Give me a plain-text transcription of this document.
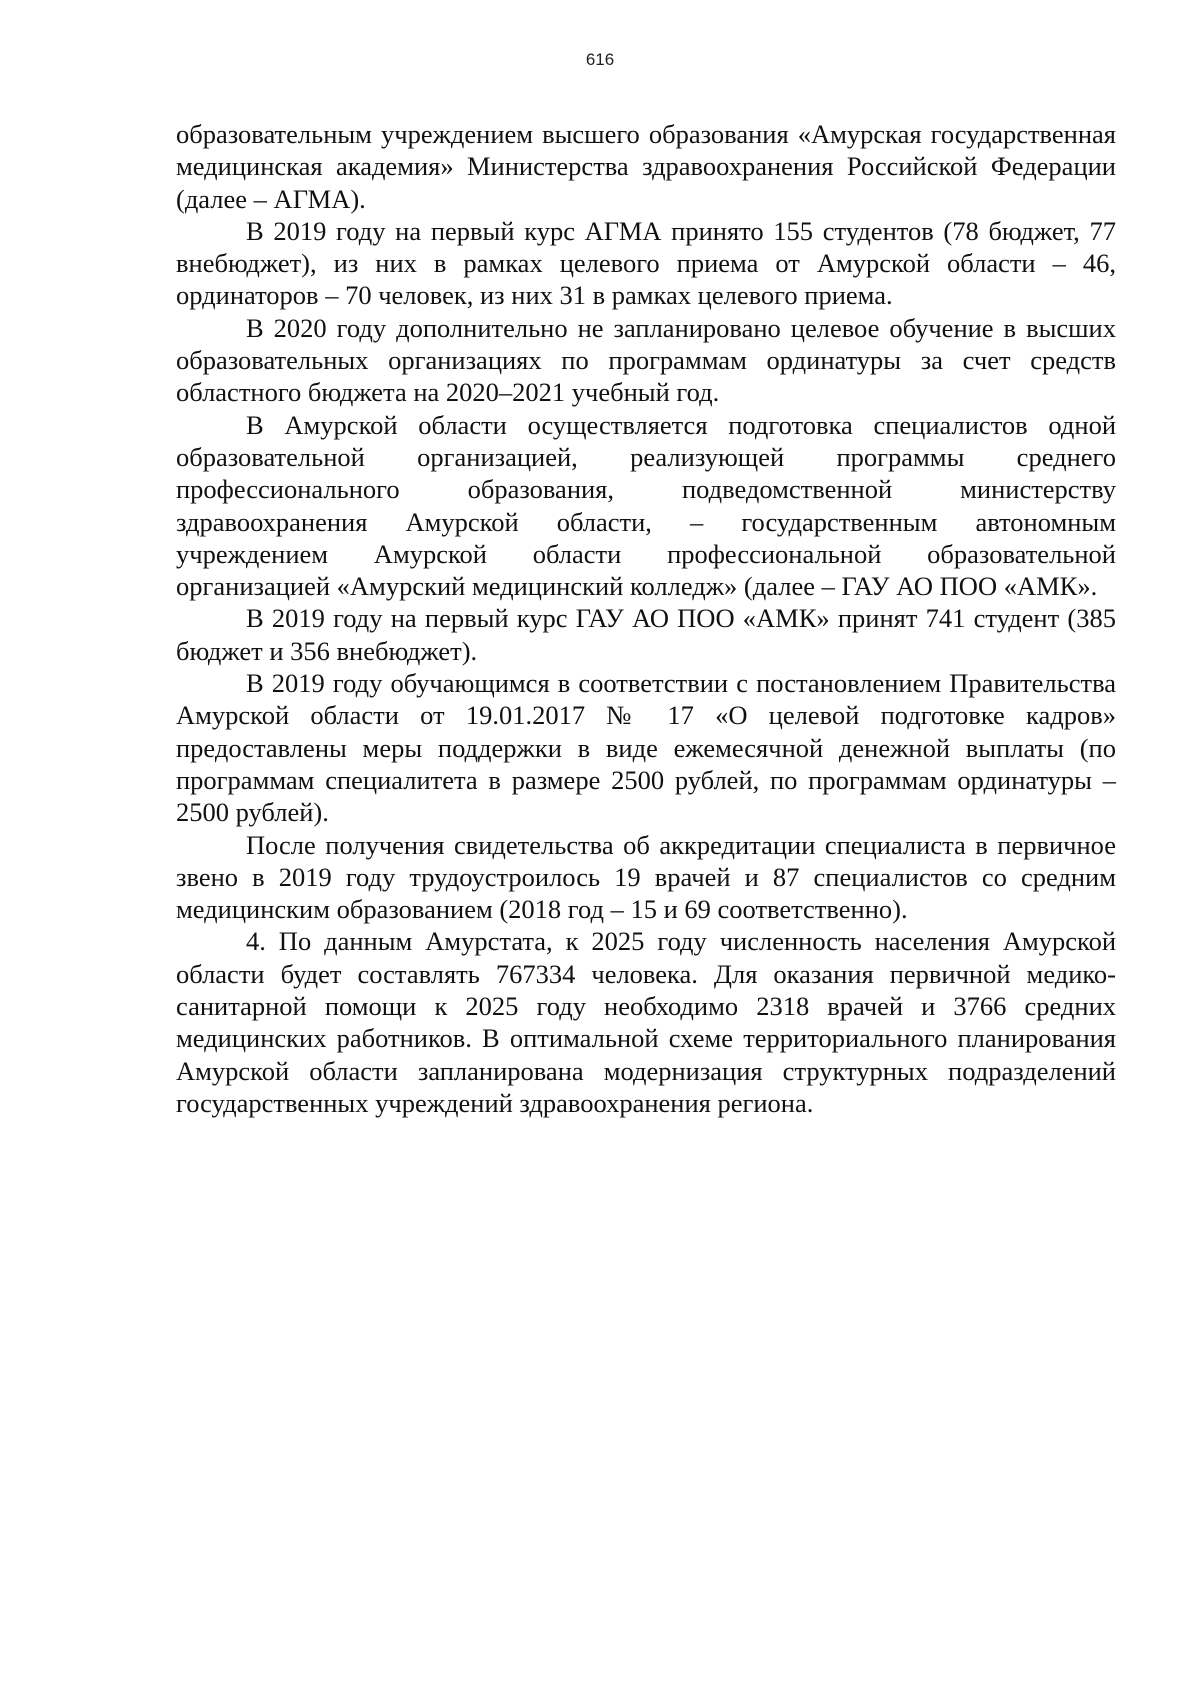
616

образовательным учреждением высшего образования «Амурская государственная медицинская академия» Министерства здравоохранения Российской Федерации (далее – АГМА).

В 2019 году на первый курс АГМА принято 155 студентов (78 бюджет, 77 внебюджет), из них в рамках целевого приема от Амурской области – 46, ординаторов – 70 человек, из них 31 в рамках целевого приема.

В 2020 году дополнительно не запланировано целевое обучение в высших образовательных организациях по программам ординатуры за счет средств областного бюджета на 2020–2021 учебный год.

В Амурской области осуществляется подготовка специалистов одной образовательной организацией, реализующей программы среднего профессионального образования, подведомственной министерству здравоохранения Амурской области, – государственным автономным учреждением Амурской области профессиональной образовательной организацией «Амурский медицинский колледж» (далее – ГАУ АО ПОО «АМК».

В 2019 году на первый курс ГАУ АО ПОО «АМК» принят 741 студент (385 бюджет и 356 внебюджет).

В 2019 году обучающимся в соответствии с постановлением Правительства Амурской области от 19.01.2017 № 17 «О целевой подготовке кадров» предоставлены меры поддержки в виде ежемесячной денежной выплаты (по программам специалитета в размере 2500 рублей, по программам ординатуры – 2500 рублей).

После получения свидетельства об аккредитации специалиста в первичное звено в 2019 году трудоустроилось 19 врачей и 87 специалистов со средним медицинским образованием (2018 год – 15 и 69 соответственно).

4. По данным Амурстата, к 2025 году численность населения Амурской области будет составлять 767334 человека. Для оказания первичной медико-санитарной помощи к 2025 году необходимо 2318 врачей и 3766 средних медицинских работников. В оптимальной схеме территориального планирования Амурской области запланирована модернизация структурных подразделений государственных учреждений здравоохранения региона.
